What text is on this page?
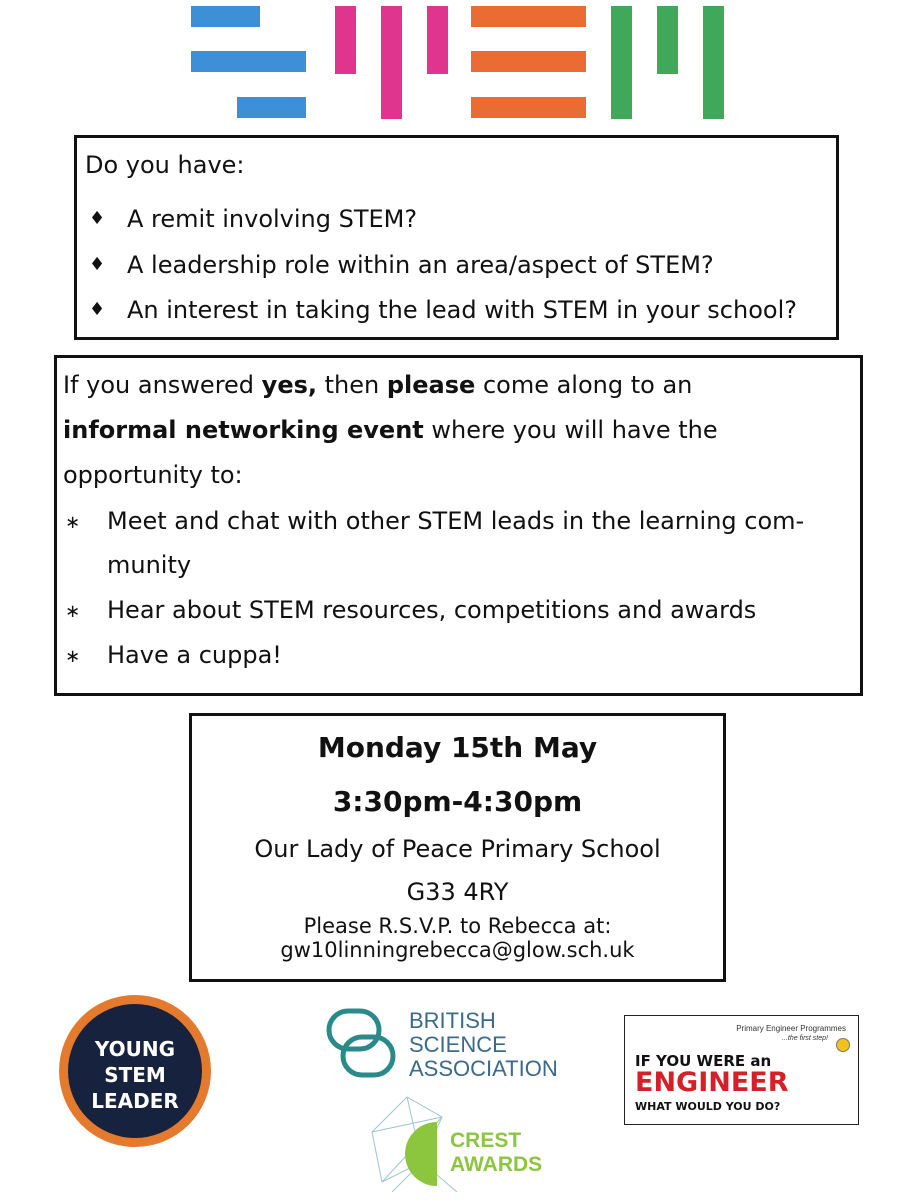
Do you have:
♦ A remit involving STEM?
♦ A leadership role within an area/aspect of STEM?
♦ An interest in taking the lead with STEM in your school?
If you answered yes, then please come along to an
informal networking event where you will have the
opportunity to:
∗ Meet and chat with other STEM leads in the learning com-
munity
∗ Hear about STEM resources, competitions and awards
∗ Have a cuppa!
Monday 15th May
3:30pm-4:30pm
Our Lady of Peace Primary School
G33 4RY
Please R.S.V.P. to Rebecca at:
gw10linningrebecca@glow.sch.uk
YOUNG
STEM
LEADER
BRITISH
SCIENCE
ASSOCIATION
CREST
AWARDS
Primary Engineer Programmes
...the first step!
IF YOU WERE an
ENGINEER
WHAT WOULD YOU DO?
